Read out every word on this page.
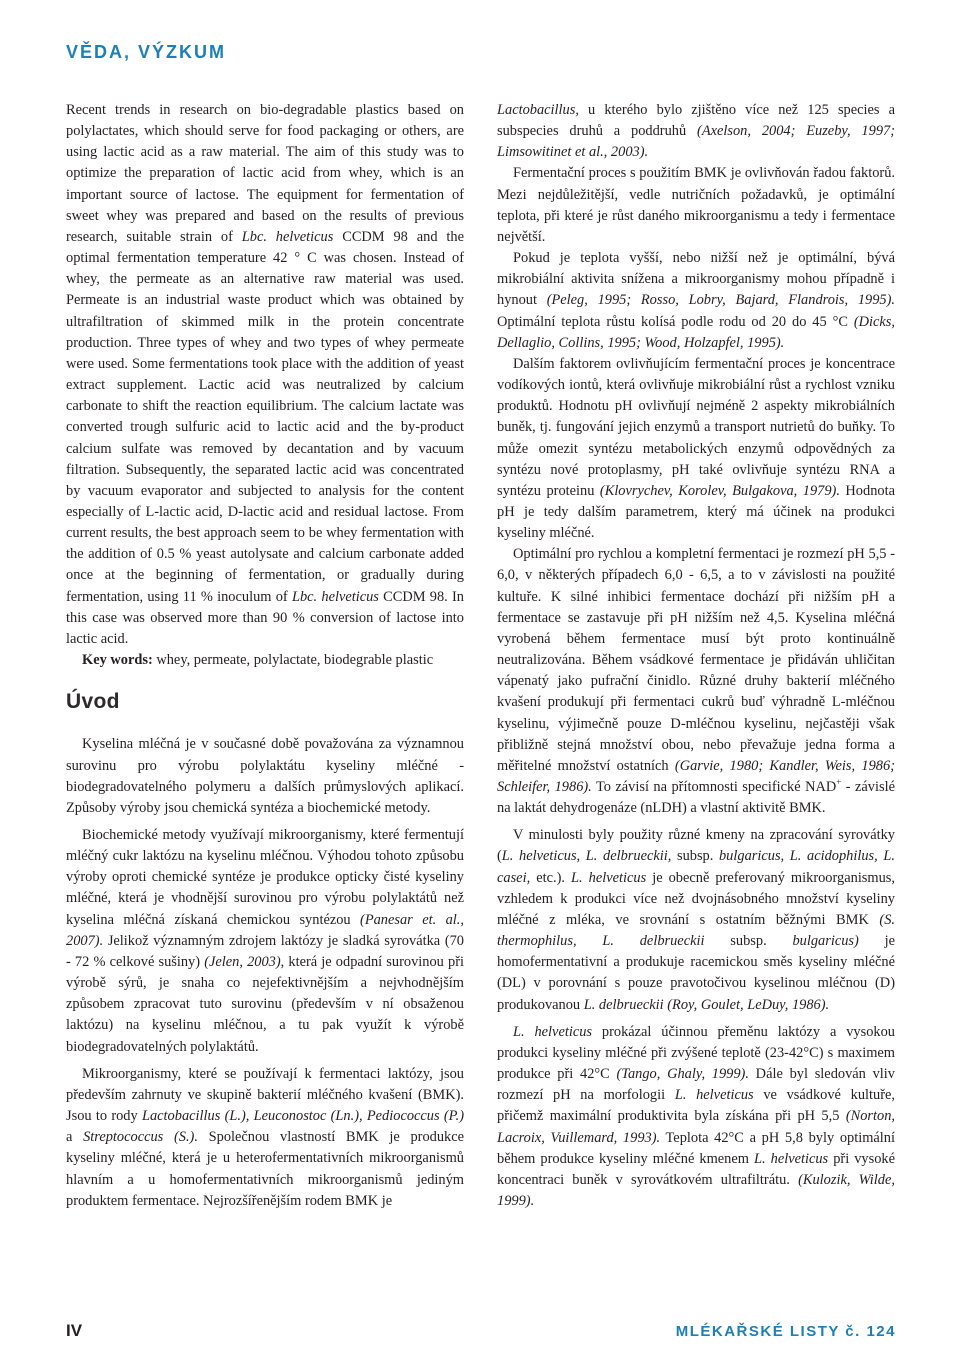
VĚDA, VÝZKUM

Recent trends in research on bio-degradable plastics based on polylactates, which should serve for food packaging or others, are using lactic acid as a raw material. The aim of this study was to optimize the preparation of lactic acid from whey, which is an important source of lactose. The equipment for fermentation of sweet whey was prepared and based on the results of previous research, suitable strain of Lbc. helveticus CCDM 98 and the optimal fermentation temperature 42 ° C was chosen. Instead of whey, the permeate as an alternative raw material was used. Permeate is an industrial waste product which was obtained by ultrafiltration of skimmed milk in the protein concentrate production. Three types of whey and two types of whey permeate were used. Some fermentations took place with the addition of yeast extract supplement. Lactic acid was neutralized by calcium carbonate to shift the reaction equilibrium. The calcium lactate was converted trough sulfuric acid to lactic acid and the by-product calcium sulfate was removed by decantation and by vacuum filtration. Subsequently, the separated lactic acid was concentrated by vacuum evaporator and subjected to analysis for the content especially of L-lactic acid, D-lactic acid and residual lactose. From current results, the best approach seem to be whey fermentation with the addition of 0.5 % yeast autolysate and calcium carbonate added once at the beginning of fermentation, or gradually during fermentation, using 11 % inoculum of Lbc. helveticus CCDM 98. In this case was observed more than 90 % conversion of lactose into lactic acid.

Key words: whey, permeate, polylactate, biodegrable plastic

Úvod

Kyselina mléčná je v současné době považována za významnou surovinu pro výrobu polylaktátu kyseliny mléčné - biodegradovatelného polymeru a dalších průmyslových aplikací. Způsoby výroby jsou chemická syntéza a biochemické metody.

Biochemické metody využívají mikroorganismy, které fermentují mléčný cukr laktózu na kyselinu mléčnou. Výhodou tohoto způsobu výroby oproti chemické syntéze je produkce opticky čisté kyseliny mléčné, která je vhodnější surovinou pro výrobu polylaktátů než kyselina mléčná získaná chemickou syntézou (Panesar et. al., 2007). Jelikož významným zdrojem laktózy je sladká syrovátka (70 - 72 % celkové sušiny) (Jelen, 2003), která je odpadní surovinou při výrobě sýrů, je snaha co nejefektivnějším a nejvhodnějším způsobem zpracovat tuto surovinu (především v ní obsaženou laktózu) na kyselinu mléčnou, a tu pak využít k výrobě biodegradovatelných polylaktátů.

Mikroorganismy, které se používají k fermentaci laktózy, jsou především zahrnuty ve skupině bakterií mléčného kvašení (BMK). Jsou to rody Lactobacillus (L.), Leuconostoc (Ln.), Pediococcus (P.) a Streptococcus (S.). Společnou vlastností BMK je produkce kyseliny mléčné, která je u heterofermentativních mikroorganismů hlavním a u homofermentativních mikroorganismů jediným produktem fermentace. Nejrozšířenějším rodem BMK je

Lactobacillus, u kterého bylo zjištěno více než 125 species a subspecies druhů a poddruhů (Axelson, 2004; Euzeby, 1997; Limsowitinet et al., 2003).

Fermentační proces s použitím BMK je ovlivňován řadou faktorů. Mezi nejdůležitější, vedle nutričních požadavků, je optimální teplota, při které je růst daného mikroorganismu a tedy i fermentace největší.

Pokud je teplota vyšší, nebo nižší než je optimální, bývá mikrobiální aktivita snížena a mikroorganismy mohou případně i hynout (Peleg, 1995; Rosso, Lobry, Bajard, Flandrois, 1995). Optimální teplota růstu kolísá podle rodu od 20 do 45 °C (Dicks, Dellaglio, Collins, 1995; Wood, Holzapfel, 1995).

Dalším faktorem ovlivňujícím fermentační proces je koncentrace vodíkových iontů, která ovlivňuje mikrobiální růst a rychlost vzniku produktů. Hodnotu pH ovlivňují nejméně 2 aspekty mikrobiálních buněk, tj. fungování jejich enzymů a transport nutrietů do buňky. To může omezit syntézu metabolických enzymů odpovědných za syntézu nové protoplasmy, pH také ovlivňuje syntézu RNA a syntézu proteinu (Klovrychev, Korolev, Bulgakova, 1979). Hodnota pH je tedy dalším parametrem, který má účinek na produkci kyseliny mléčné.

Optimální pro rychlou a kompletní fermentaci je rozmezí pH 5,5 - 6,0, v některých případech 6,0 - 6,5, a to v závislosti na použité kultuře. K silné inhibici fermentace dochází při nižším pH a fermentace se zastavuje při pH nižším než 4,5. Kyselina mléčná vyrobená během fermentace musí být proto kontinuálně neutralizována. Během vsádkové fermentace je přidáván uhličitan vápenatý jako pufrační činidlo. Různé druhy bakterií mléčného kvašení produkují při fermentaci cukrů buď výhradně L-mléčnou kyselinu, výjimečně pouze D-mléčnou kyselinu, nejčastěji však přibližně stejná množství obou, nebo převažuje jedna forma a měřitelné množství ostatních (Garvie, 1980; Kandler, Weis, 1986; Schleifer, 1986). To závisí na přítomnosti specifické NAD+ - závislé na laktát dehydrogenáze (nLDH) a vlastní aktivitě BMK.

V minulosti byly použity různé kmeny na zpracování syrovátky (L. helveticus, L. delbrueckii, subsp. bulgaricus, L. acidophilus, L. casei, etc.). L. helveticus je obecně preferovaný mikroorganismus, vzhledem k produkci více než dvojnásobného množství kyseliny mléčné z mléka, ve srovnání s ostatním běžnými BMK (S. thermophilus, L. delbrueckii subsp. bulgaricus) je homofermentativní a produkuje racemickou směs kyseliny mléčné (DL) v porovnání s pouze pravotočivou kyselinou mléčnou (D) produkovanou L. delbrueckii (Roy, Goulet, LeDuy, 1986).

L. helveticus prokázal účinnou přeměnu laktózy a vysokou produkci kyseliny mléčné při zvýšené teplotě (23-42°C) s maximem produkce při 42°C (Tango, Ghaly, 1999). Dále byl sledován vliv rozmezí pH na morfologii L. helveticus ve vsádkové kultuře, přičemž maximální produktivita byla získána při pH 5,5 (Norton, Lacroix, Vuillemard, 1993). Teplota 42°C a pH 5,8 byly optimální během produkce kyseliny mléčné kmenem L. helveticus při vysoké koncentraci buněk v syrovátkovém ultrafiltrátu. (Kulozik, Wilde, 1999).

IV	MLÉKAŘSKÉ LISTY č. 124
